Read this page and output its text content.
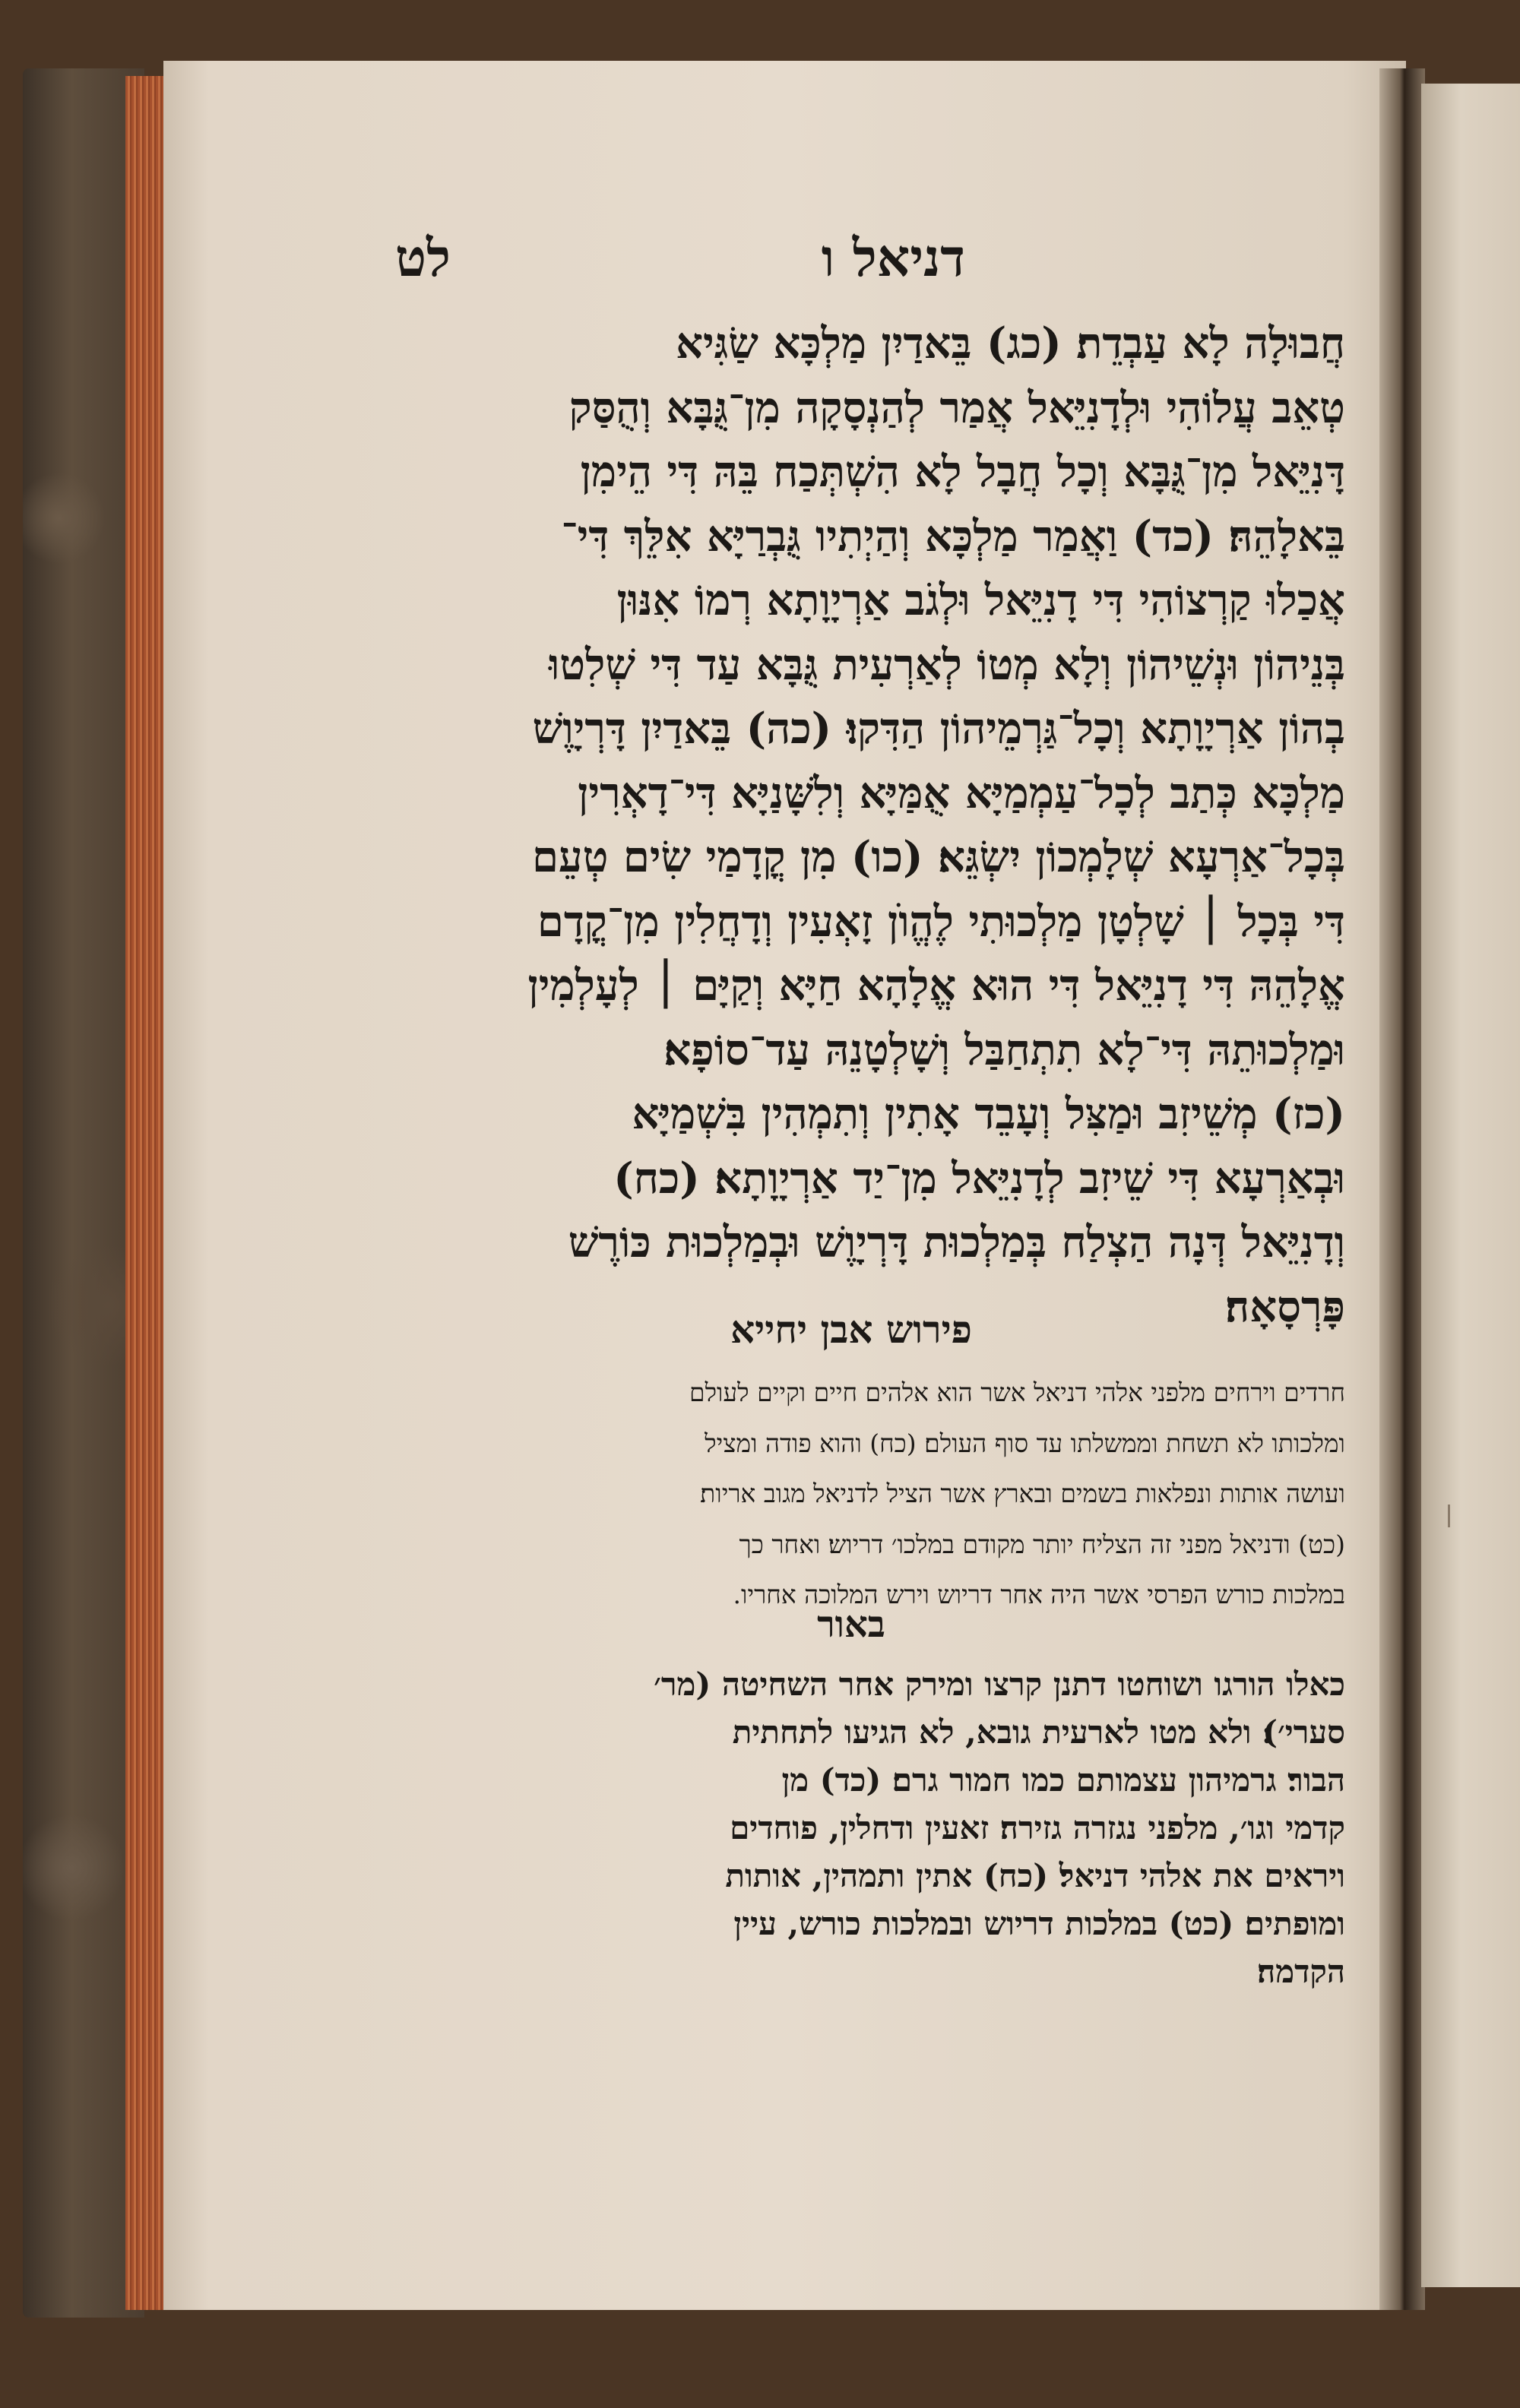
דניאל ו
לט
חֲבוּלָה לָא עַבְדֵת׃ (כג) בֵּאדַיִן מַלְכָּא שַׂגִּיא
טְאֵב עֲלוֹהִי וּלְדָנִיֵּאל אֲמַר לְהַנְסָקָה מִן־גֻּבָּא וְהֻסַּק
דָּנִיֵּאל מִן־גֻּבָּא וְכָל חֲבָל לָא הִשְׁתְּכַח בֵּהּ דִּי הֵימִן
בֵּאלָהֵהּ׃ (כד) וַאֲמַר מַלְכָּא וְהַיְתִיו גֻּבְרַיָּא אִלֵּךְ דִּי־
אֲכַלוּ קַרְצוֹהִי דִּי דָנִיֵּאל וּלְגֹב אַרְיָוָתָא רְמוֹ אִנּוּן
בְּנֵיהוֹן וּנְשֵׁיהוֹן וְלָא מְטוֹ לְאַרְעִית גֻּבָּא עַד דִּי שְׁלִטוּ
בְהוֹן אַרְיָוָתָא וְכָל־גַּרְמֵיהוֹן הַדִּקוּ׃ (כה) בֵּאדַיִן דָּרְיָוֶשׁ
מַלְכָּא כְּתַב לְכָל־עַמְמַיָּא אֻמַּיָּא וְלִשָּׁנַיָּא דִּי־דָאְרִין
בְּכָל־אַרְעָא שְׁלָמְכוֹן יִשְׂגֵּא׃ (כו) מִן קֳדָמַי שִׂים טְעֵם
דִּי בְּכָל ׀ שָׁלְטָן מַלְכוּתִי לֶהֱוֺן זָאְעִין וְדָחֲלִין מִן־קֳדָם
אֱלָהֵהּ דִּי דָנִיֵּאל דִּי הוּא אֱלָהָא חַיָּא וְקַיָּם ׀ לְעָלְמִין
וּמַלְכוּתֵהּ דִּי־לָא תִתְחַבַּל וְשָׁלְטָנֵהּ עַד־סוֹפָא׃
(כז) מְשֵׁיזִב וּמַצִּל וְעָבֵד אָתִין וְתִמְהִין בִּשְׁמַיָּא
וּבְאַרְעָא דִּי שֵׁיזִב לְדָנִיֵּאל מִן־יַד אַרְיָוָתָא׃ (כח)
וְדָנִיֵּאל דְּנָה הַצְלַח בְּמַלְכוּת דָּרְיָוֶשׁ וּבְמַלְכוּת כּוֹרֶשׁ
פָּרְסָאָה׃
פירוש אבן יחייא
חרדים וירחים מלפני אלהי דניאל אשר הוא אלהים חיים וקיים לעולם
ומלכותו לא תשחת וממשלתו עד סוף העולם׃ (כח) והוא פודה ומציל
ועושה אותות ונפלאות בשמים ובארץ אשר הציל לדניאל מגוב אריות׃
(כט) ודניאל מפני זה הצליח יותר מקודם במלכו׳ דריוש׃ ואחר כך
במלכות כורש הפרסי אשר היה אחר דריוש וירש המלוכה אחריו.
באור
כאלו הורגו ושוחטו דתנן קרצו ומירק אחר השחיטה (מר׳
סערי׳)׃ ולא מטו לארעית גובא, לא הגיעו לתחתית
הבור׃ גרמיהון עצמותם כמו חמור גרם׃ (כד) מן
קדמי וגו׳, מלפני נגזרה גזירה׃ זאעין ודחלין, פוחדים
ויראים את אלהי דניאל׃ (כח) אתין ותמהין, אותות
ומופתים׃ (כט) במלכות דריוש ובמלכות כורש, עיין
הקדמה׃
